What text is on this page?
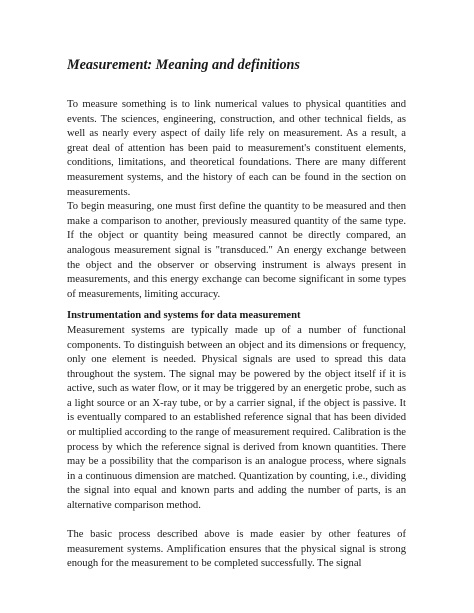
Measurement: Meaning and definitions

To measure something is to link numerical values to physical quantities and events. The sciences, engineering, construction, and other technical fields, as well as nearly every aspect of daily life rely on measurement. As a result, a great deal of attention has been paid to measurement's constituent elements, conditions, limitations, and theoretical foundations. There are many different measurement systems, and the history of each can be found in the section on measurements.

To begin measuring, one must first define the quantity to be measured and then make a comparison to another, previously measured quantity of the same type. If the object or quantity being measured cannot be directly compared, an analogous measurement signal is "transduced." An energy exchange between the object and the observer or observing instrument is always present in measurements, and this energy exchange can become significant in some types of measurements, limiting accuracy.

Instrumentation and systems for data measurement

Measurement systems are typically made up of a number of functional components. To distinguish between an object and its dimensions or frequency, only one element is needed. Physical signals are used to spread this data throughout the system. The signal may be powered by the object itself if it is active, such as water flow, or it may be triggered by an energetic probe, such as a light source or an X-ray tube, or by a carrier signal, if the object is passive. It is eventually compared to an established reference signal that has been divided or multiplied according to the range of measurement required. Calibration is the process by which the reference signal is derived from known quantities. There may be a possibility that the comparison is an analogue process, where signals in a continuous dimension are matched. Quantization by counting, i.e., dividing the signal into equal and known parts and adding the number of parts, is an alternative comparison method.

The basic process described above is made easier by other features of measurement systems. Amplification ensures that the physical signal is strong enough for the measurement to be completed successfully. The signal
